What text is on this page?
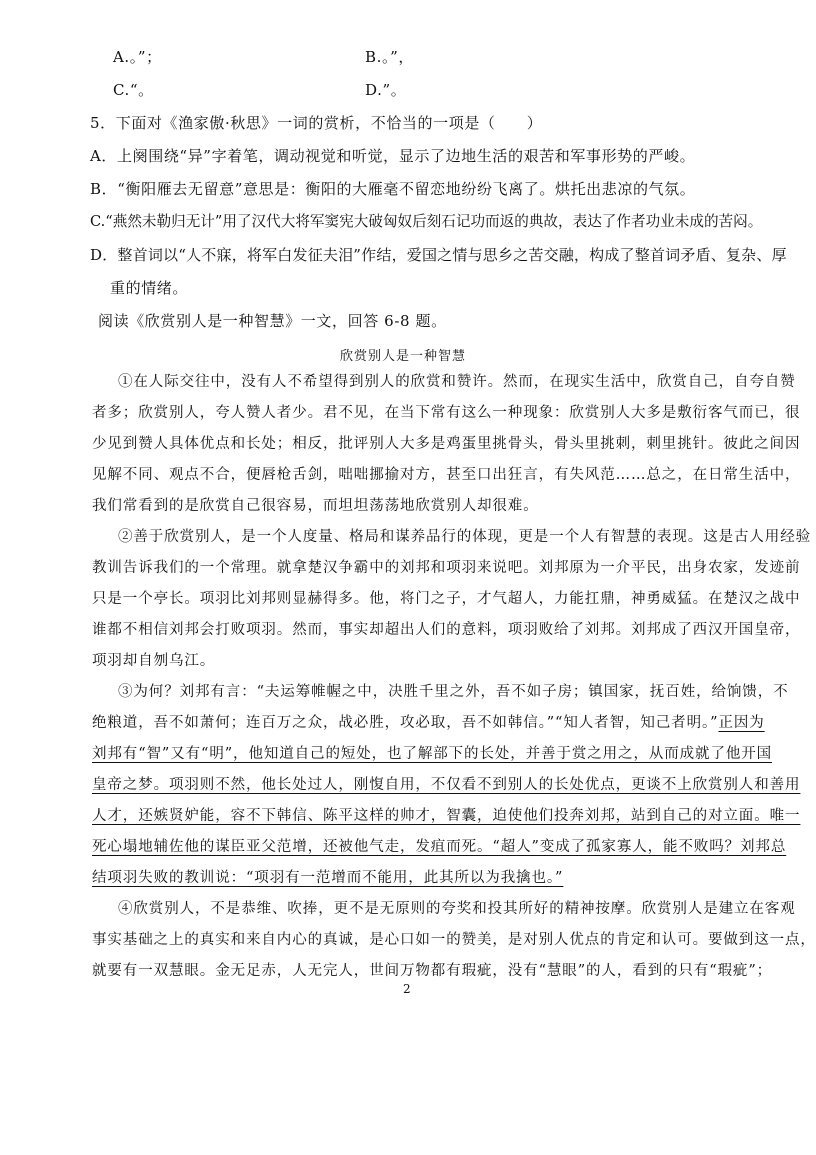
A.。”；	B.。”，
C.“。	D.”。
5．下面对《渔家傲·秋思》一词的赏析，不恰当的一项是（　　）
A．上阕围绕“异”字着笔，调动视觉和听觉，显示了边地生活的艰苦和军事形势的严峻。
B．“衡阳雁去无留意”意思是：衡阳的大雁毫不留恋地纷纷飞离了。烘托出悲凉的气氛。
C.“燕然未勒归无计”用了汉代大将军窦宪大破匈奴后刻石记功而返的典故，表达了作者功业未成的苦闷。
D．整首词以“人不寐，将军白发征夫泪”作结，爱国之情与思乡之苦交融，构成了整首词矛盾、复杂、厚
重的情绪。
阅读《欣赏别人是一种智慧》一文，回答 6-8 题。
欣赏别人是一种智慧
①在人际交往中，没有人不希望得到别人的欣赏和赞许。然而，在现实生活中，欣赏自己，自夸自赞
者多；欣赏别人，夸人赞人者少。君不见，在当下常有这么一种现象：欣赏别人大多是敷衍客气而已，很
少见到赞人具体优点和长处；相反，批评别人大多是鸡蛋里挑骨头，骨头里挑刺，刺里挑针。彼此之间因
见解不同、观点不合，便唇枪舌剑，咄咄挪揄对方，甚至口出狂言，有失风范……总之，在日常生活中，
我们常看到的是欣赏自己很容易，而坦坦荡荡地欣赏别人却很难。
②善于欣赏别人，是一个人度量、格局和谋养品行的体现，更是一个人有智慧的表现。这是古人用经验
教训告诉我们的一个常理。就拿楚汉争霸中的刘邦和项羽来说吧。刘邦原为一介平民，出身农家，发迹前
只是一个亭长。项羽比刘邦则显赫得多。他，将门之子，才气超人，力能扛鼎，神勇威猛。在楚汉之战中
谁都不相信刘邦会打败项羽。然而，事实却超出人们的意料，项羽败给了刘邦。刘邦成了西汉开国皇帝，
项羽却自刎乌江。
③为何？刘邦有言：“夫运筹帷幄之中，决胜千里之外，吾不如子房；镇国家，抚百姓，给饷馈，不
绝粮道，吾不如萧何；连百万之众，战必胜，攻必取，吾不如韩信。”“知人者智，知己者明。”正因为
刘邦有“智”又有“明”，他知道自己的短处，也了解部下的长处，并善于赏之用之，从而成就了他开国
皇帝之梦。项羽则不然，他长处过人，刚愎自用，不仅看不到别人的长处优点，更谈不上欣赏别人和善用
人才，还嫉贤妒能，容不下韩信、陈平这样的帅才，智囊，迫使他们投奔刘邦，站到自己的对立面。唯一
死心塌地辅佐他的谋臣亚父范增，还被他气走，发疽而死。“超人”变成了孤家寡人，能不败吗？刘邦总
结项羽失败的教训说：“项羽有一范增而不能用，此其所以为我擒也。”
④欣赏别人，不是恭维、吹捧，更不是无原则的夸奖和投其所好的精神按摩。欣赏别人是建立在客观
事实基础之上的真实和来自内心的真诚，是心口如一的赞美，是对别人优点的肯定和认可。要做到这一点，
就要有一双慧眼。金无足赤，人无完人，世间万物都有瑕疵，没有“慧眼”的人，看到的只有“瑕疵”；
2
